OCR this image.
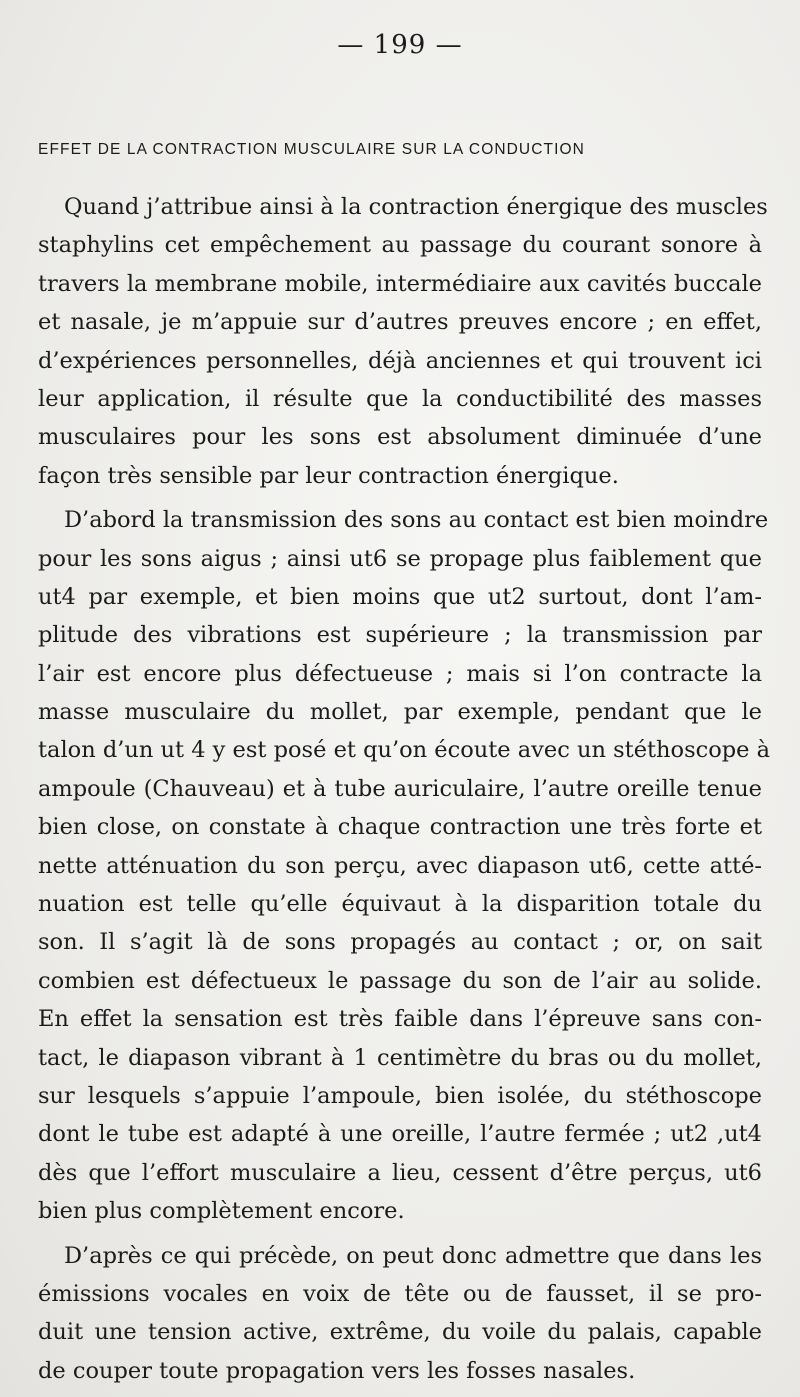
— 199 —
EFFET DE LA CONTRACTION MUSCULAIRE SUR LA CONDUCTION

Quand j’attribue ainsi à la contraction énergique des muscles
staphylins cet empêchement au passage du courant sonore à
travers la membrane mobile, intermédiaire aux cavités buccale
et nasale, je m’appuie sur d’autres preuves encore ; en effet,
d’expériences personnelles, déjà anciennes et qui trouvent ici
leur application, il résulte que la conductibilité des masses
musculaires pour les sons est absolument diminuée d’une
façon très sensible par leur contraction énergique.

D’abord la transmission des sons au contact est bien moindre
pour les sons aigus ; ainsi ut6 se propage plus faiblement que
ut4 par exemple, et bien moins que ut2 surtout, dont l’am-
plitude des vibrations est supérieure ; la transmission par
l’air est encore plus défectueuse ; mais si l’on contracte la
masse musculaire du mollet, par exemple, pendant que le
talon d’un ut 4 y est posé et qu’on écoute avec un stéthoscope à
ampoule (Chauveau) et à tube auriculaire, l’autre oreille tenue
bien close, on constate à chaque contraction une très forte et
nette atténuation du son perçu, avec diapason ut6, cette atté-
nuation est telle qu’elle équivaut à la disparition totale du
son. Il s’agit là de sons propagés au contact ; or, on sait
combien est défectueux le passage du son de l’air au solide.
En effet la sensation est très faible dans l’épreuve sans con-
tact, le diapason vibrant à 1 centimètre du bras ou du mollet,
sur lesquels s’appuie l’ampoule, bien isolée, du stéthoscope
dont le tube est adapté à une oreille, l’autre fermée ; ut2 ,ut4
dès que l’effort musculaire a lieu, cessent d’être perçus, ut6
bien plus complètement encore.

D’après ce qui précède, on peut donc admettre que dans les
émissions vocales en voix de tête ou de fausset, il se pro-
duit une tension active, extrême, du voile du palais, capable
de couper toute propagation vers les fosses nasales.
